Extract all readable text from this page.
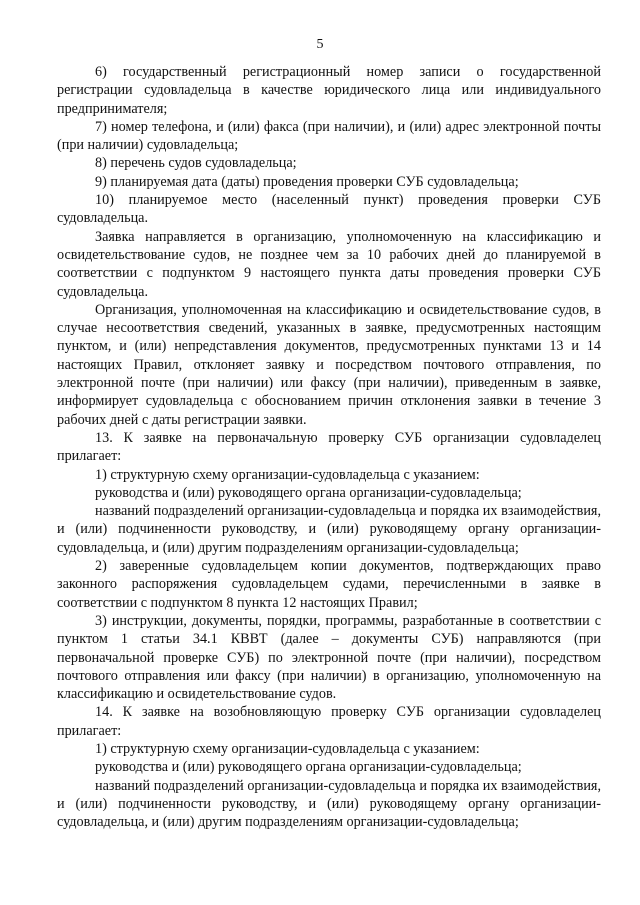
5

6) государственный регистрационный номер записи о государственной регистрации судовладельца в качестве юридического лица или индивидуального предпринимателя;

7) номер телефона, и (или) факса (при наличии), и (или) адрес электронной почты (при наличии) судовладельца;

8) перечень судов судовладельца;

9) планируемая дата (даты) проведения проверки СУБ судовладельца;

10) планируемое место (населенный пункт) проведения проверки СУБ судовладельца.

Заявка направляется в организацию, уполномоченную на классификацию и освидетельствование судов, не позднее чем за 10 рабочих дней до планируемой в соответствии с подпунктом 9 настоящего пункта даты проведения проверки СУБ судовладельца.

Организация, уполномоченная на классификацию и освидетельствование судов, в случае несоответствия сведений, указанных в заявке, предусмотренных настоящим пунктом, и (или) непредставления документов, предусмотренных пунктами 13 и 14 настоящих Правил, отклоняет заявку и посредством почтового отправления, по электронной почте (при наличии) или факсу (при наличии), приведенным в заявке, информирует судовладельца с обоснованием причин отклонения заявки в течение 3 рабочих дней с даты регистрации заявки.

13. К заявке на первоначальную проверку СУБ организации судовладелец прилагает:

1) структурную схему организации-судовладельца с указанием:

руководства и (или) руководящего органа организации-судовладельца;

названий подразделений организации-судовладельца и порядка их взаимодействия, и (или) подчиненности руководству, и (или) руководящему органу организации-судовладельца, и (или) другим подразделениям организации-судовладельца;

2) заверенные судовладельцем копии документов, подтверждающих право законного распоряжения судовладельцем судами, перечисленными в заявке в соответствии с подпунктом 8 пункта 12 настоящих Правил;

3) инструкции, документы, порядки, программы, разработанные в соответствии с пунктом 1 статьи 34.1 КВВТ (далее – документы СУБ) направляются (при первоначальной проверке СУБ) по электронной почте (при наличии), посредством почтового отправления или факсу (при наличии) в организацию, уполномоченную на классификацию и освидетельствование судов.

14. К заявке на возобновляющую проверку СУБ организации судовладелец прилагает:

1) структурную схему организации-судовладельца с указанием:

руководства и (или) руководящего органа организации-судовладельца;

названий подразделений организации-судовладельца и порядка их взаимодействия, и (или) подчиненности руководству, и (или) руководящему органу организации-судовладельца, и (или) другим подразделениям организации-судовладельца;
